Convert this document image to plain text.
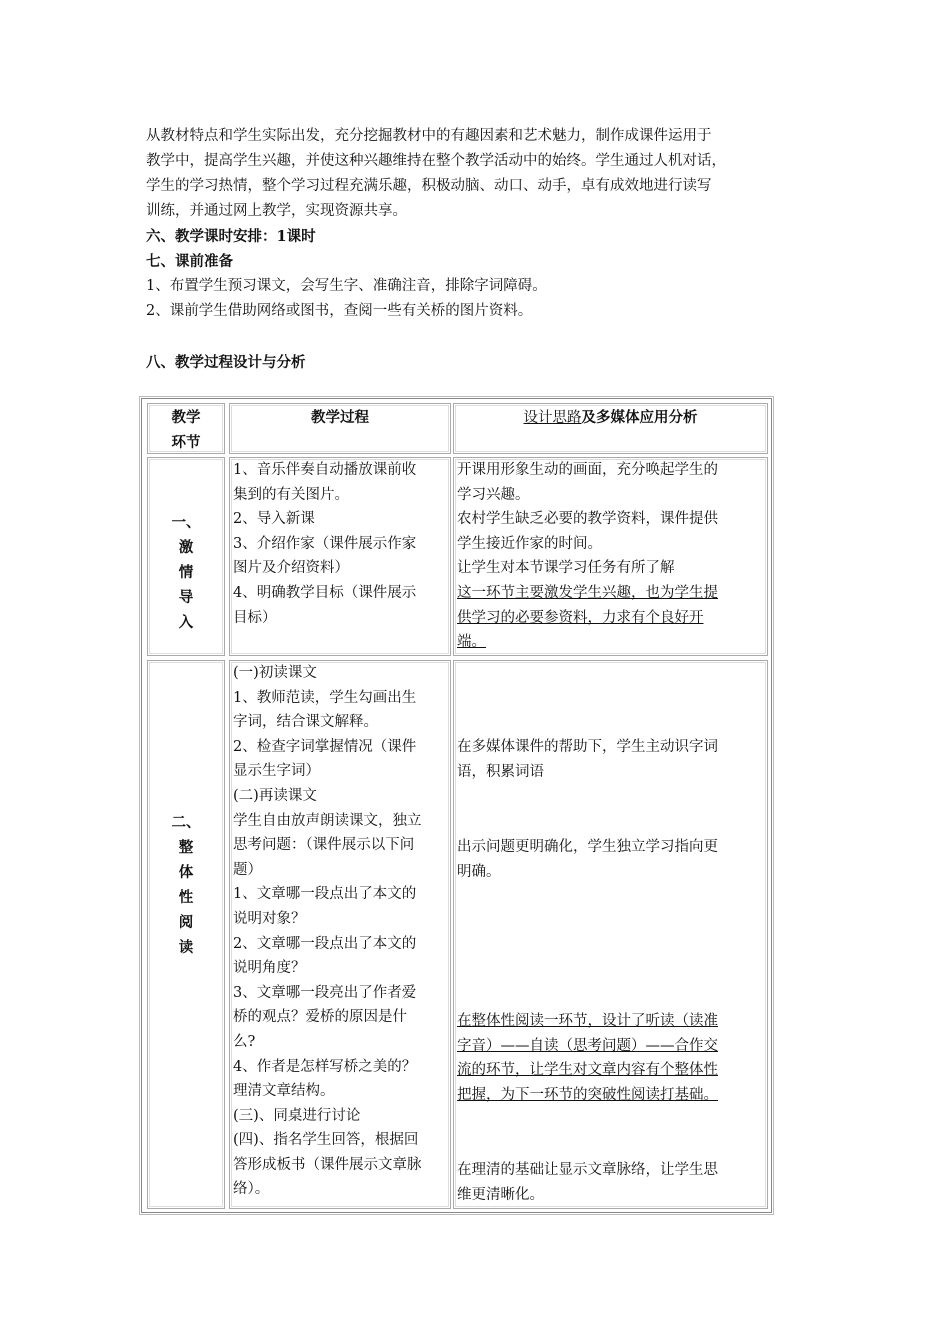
从教材特点和学生实际出发，充分挖掘教材中的有趣因素和艺术魅力，制作成课件运用于

教学中，提高学生兴趣，并使这种兴趣维持在整个教学活动中的始终。学生通过人机对话，

学生的学习热情，整个学习过程充满乐趣，积极动脑、动口、动手，卓有成效地进行读写

训练，并通过网上教学，实现资源共享。

六、教学课时安排：1课时

七、课前准备

1、布置学生预习课文，会写生字、准确注音，排除字词障碍。

2、课前学生借助网络或图书，查阅一些有关桥的图片资料。

八、教学过程设计与分析
教学
环节
教学过程	设计思路及多媒体应用分析
一、
激
情
导
入
1、音乐伴奏自动播放课前收
集到的有关图片。
2、导入新课
3、介绍作家（课件展示作家
图片及介绍资料）
4、明确教学目标（课件展示
目标）
开课用形象生动的画面，充分唤起学生的
学习兴趣。
农村学生缺乏必要的教学资料，课件提供
学生接近作家的时间。
让学生对本节课学习任务有所了解
这一环节主要激发学生兴趣，也为学生提
供学习的必要参资料，力求有个良好开
端。
二、
整
体
性
阅
读
(一)初读课文
1、教师范读，学生勾画出生
字词，结合课文解释。
2、检查字词掌握情况（课件
显示生字词）
(二)再读课文
学生自由放声朗读课文，独立
思考问题：（课件展示以下问
题）
1、文章哪一段点出了本文的
说明对象？
2、文章哪一段点出了本文的
说明角度？
3、文章哪一段亮出了作者爱
桥的观点？爱桥的原因是什
么?
4、作者是怎样写桥之美的？
理清文章结构。
(三)、同桌进行讨论
(四)、指名学生回答，根据回
答形成板书（课件展示文章脉
络）。
在多媒体课件的帮助下，学生主动识字词
语，积累词语
出示问题更明确化，学生独立学习指向更
明确。
在整体性阅读一环节，设计了听读（读准
字音）——自读（思考问题）——合作交
流的环节，让学生对文章内容有个整体性
把握，为下一环节的突破性阅读打基础。
在理清的基础让显示文章脉络，让学生思
维更清晰化。
